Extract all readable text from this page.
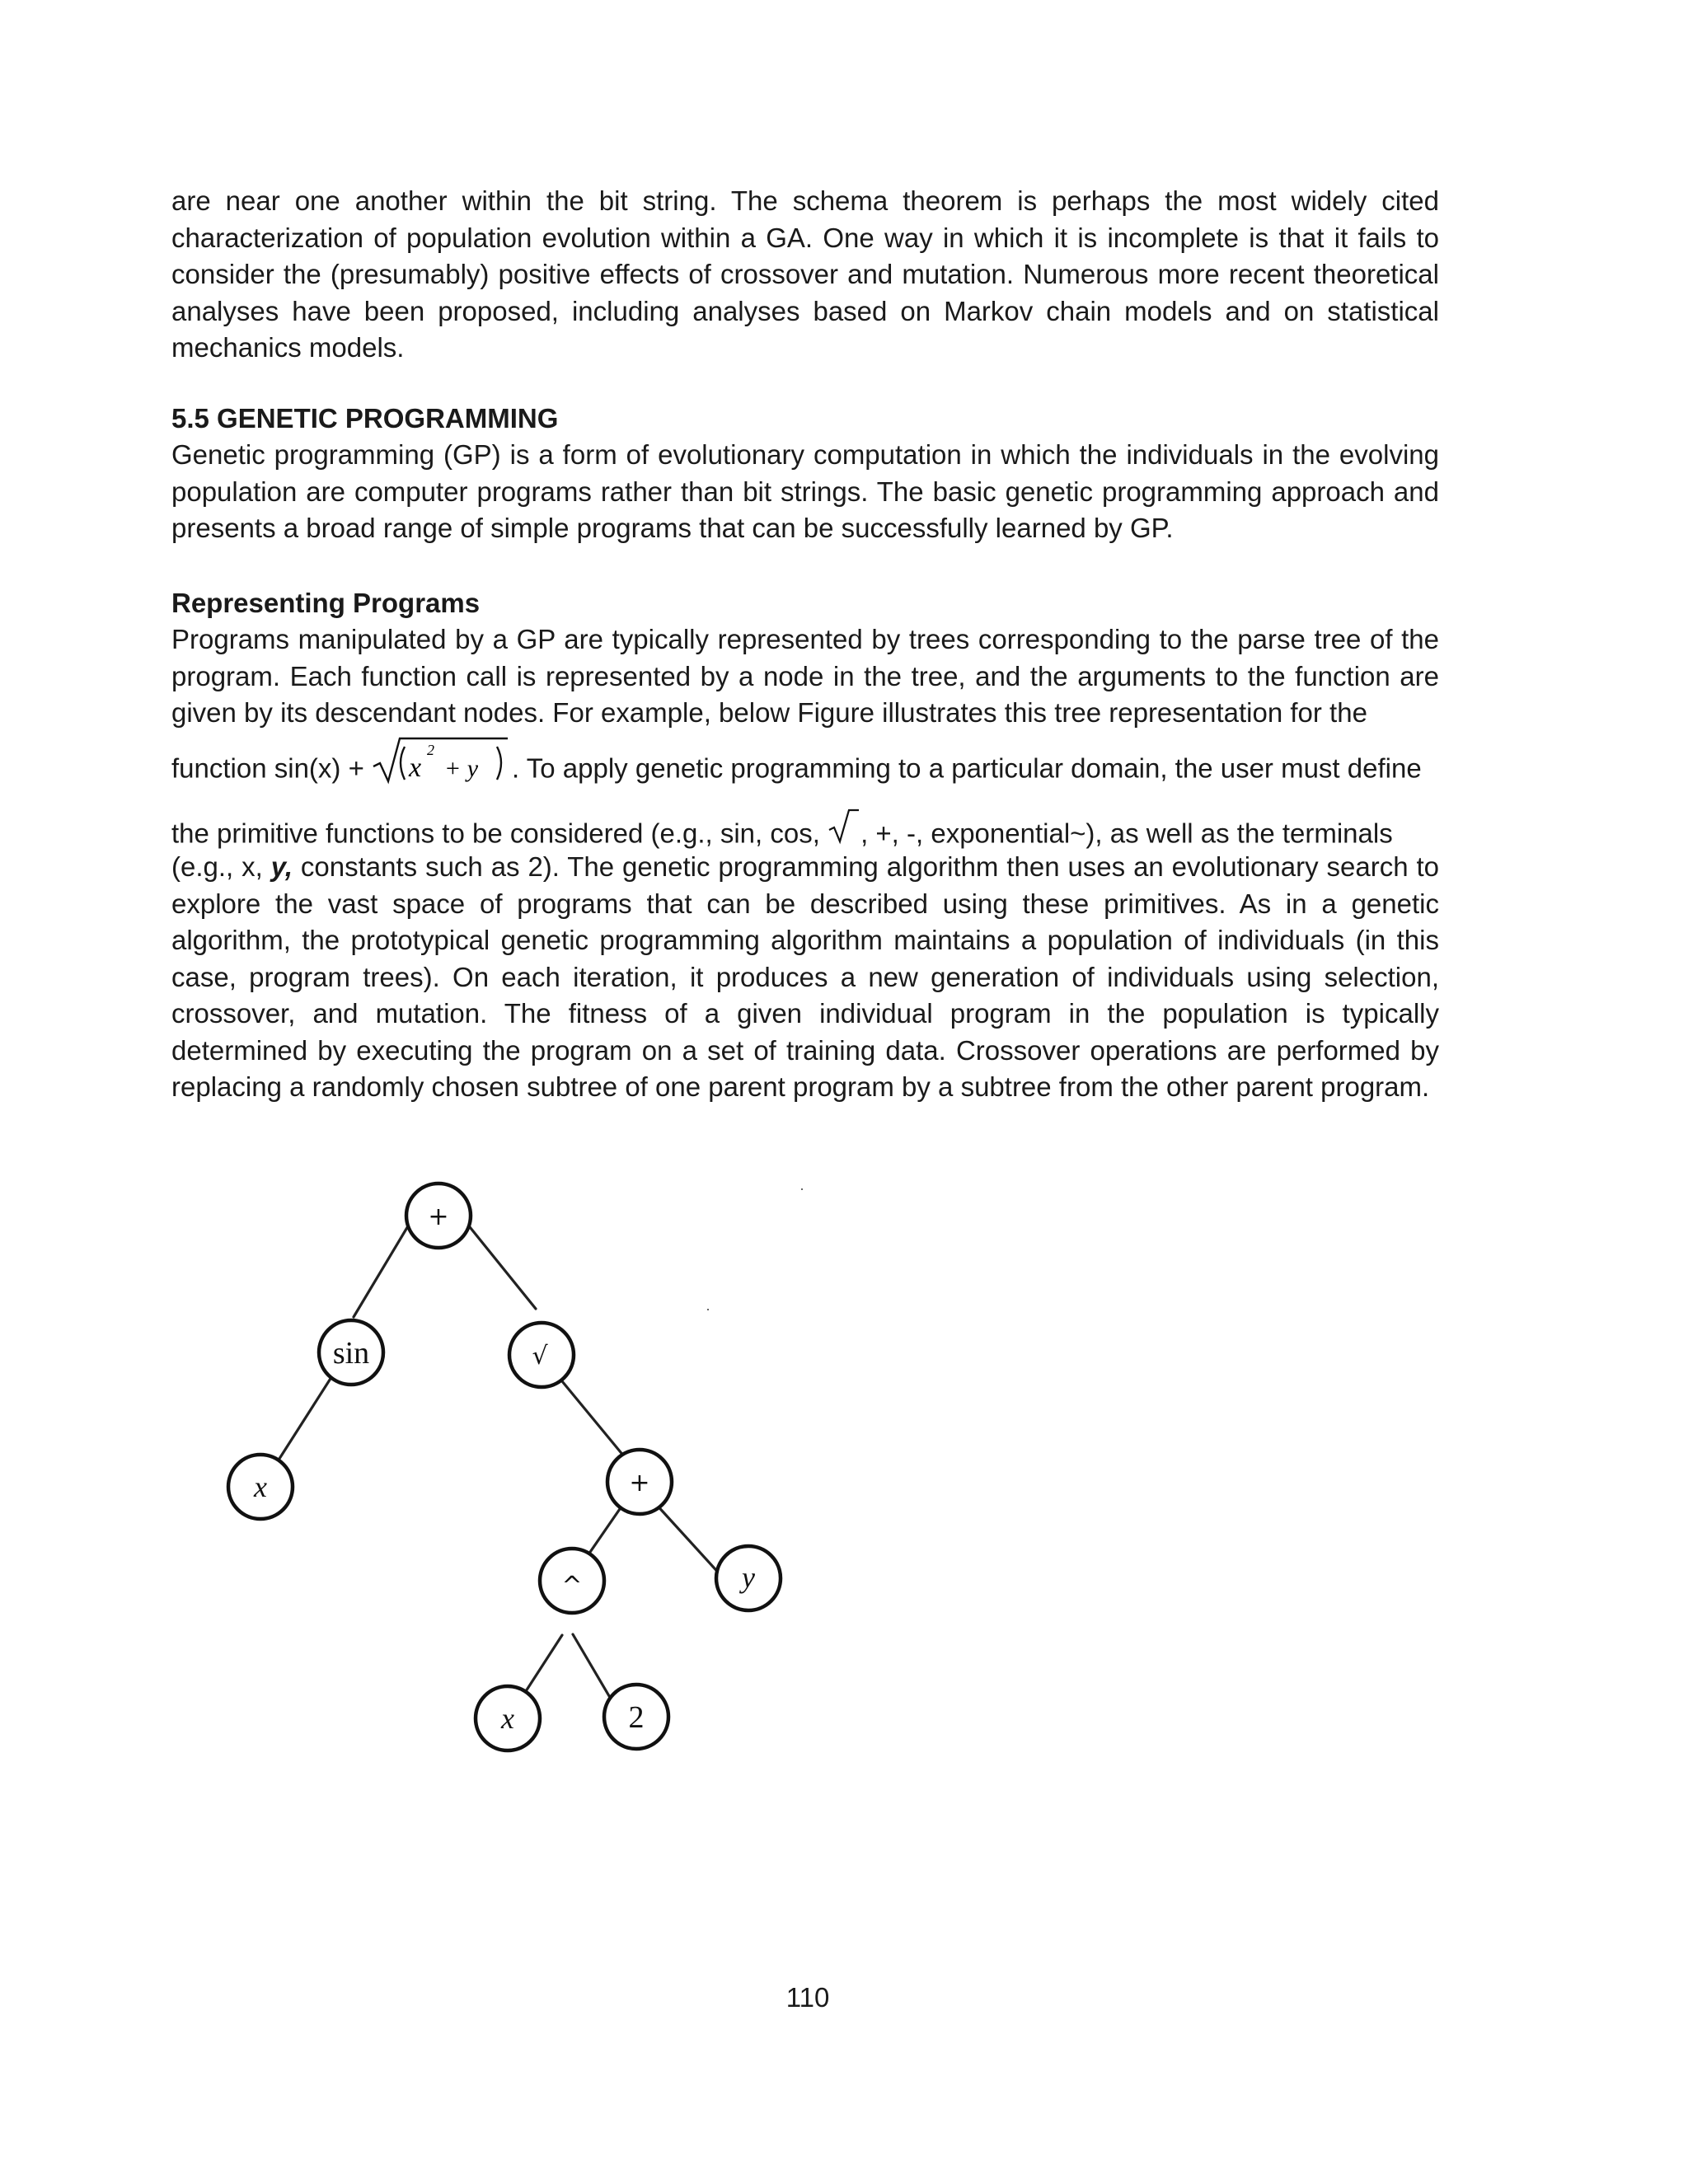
are near one another within the bit string. The schema theorem is perhaps the most widely cited characterization of population evolution within a GA. One way in which it is incomplete is that it fails to consider the (presumably) positive effects of crossover and mutation. Numerous more recent theoretical analyses have been proposed, including analyses based on Markov chain models and on statistical mechanics models.

5.5 GENETIC PROGRAMMING

Genetic programming (GP) is a form of evolutionary computation in which the individuals in the evolving population are computer programs rather than bit strings. The basic genetic programming approach and presents a broad range of simple programs that can be successfully learned by GP.

Representing Programs

Programs manipulated by a GP are typically represented by trees corresponding to the parse tree of the program. Each function call is represented by a node in the tree, and the arguments to the function are given by its descendant nodes. For example, below Figure illustrates this tree representation for the

function sin(x) + x
2
+ y . To apply genetic programming to a particular domain, the user must define
the primitive functions to be considered (e.g., sin, cos, , +, -, exponential~), as well as the terminals

(e.g., x, y, constants such as 2). The genetic programming algorithm then uses an evolutionary search to explore the vast space of programs that can be described using these primitives. As in a genetic algorithm, the prototypical genetic programming algorithm maintains a population of individuals (in this case, program trees). On each iteration, it produces a new generation of individuals using selection, crossover, and mutation. The fitness of a given individual program in the population is typically determined by executing the program on a set of training data. Crossover operations are performed by replacing a randomly chosen subtree of one parent program by a subtree from the other parent program.

+
sin	√
x	+
^	y
x	2
110
